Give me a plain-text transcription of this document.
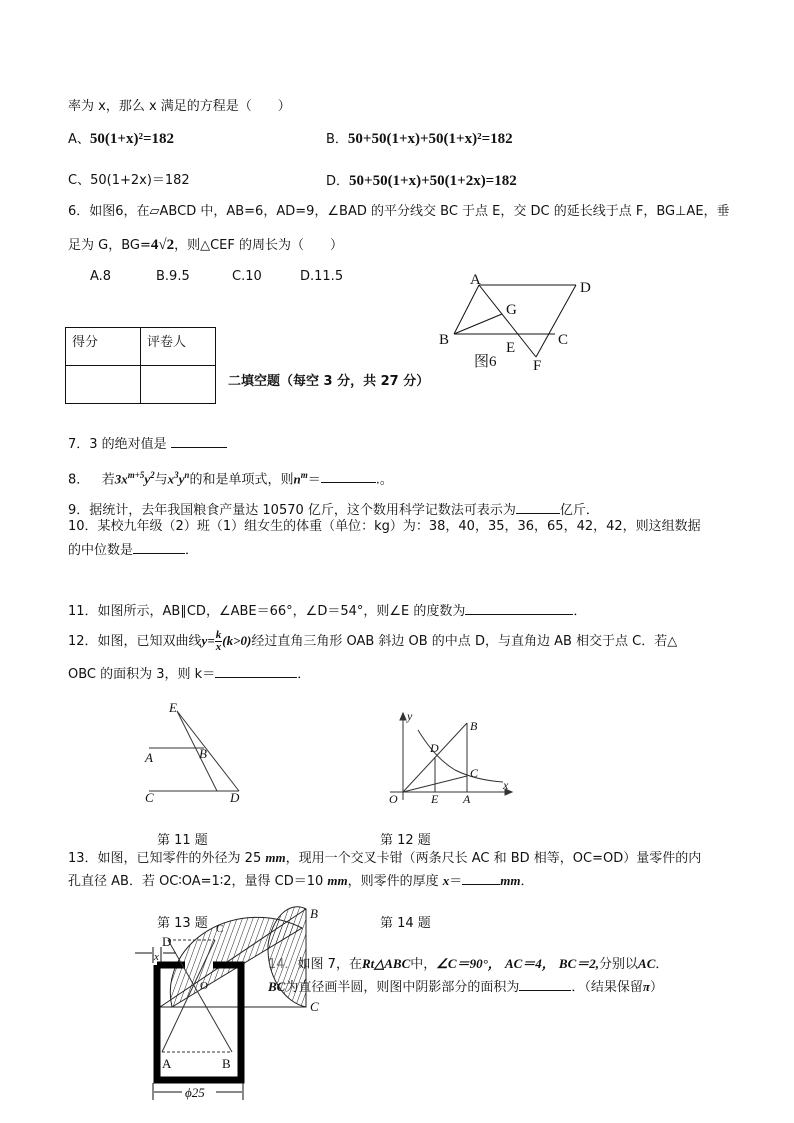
率为 x，那么 x 满足的方程是（　　）
A、50(1+x)²=182	B．50+50(1+x)+50(1+x)²=182
C、50(1+2x)＝182	D．50+50(1+x)+50(1+2x)=182
6．如图6，在▱ABCD 中，AB=6，AD=9，∠BAD 的平分线交 BC 于点 E，交 DC 的延长线于点 F，BG⊥AE，垂
足为 G，BG=4√2，则△CEF 的周长为（　　）
A.8	B.9.5	C.10	D.11.5	A	D
G
B	E	C
F
图6
得分	评卷人

二填空题（每空 3 分，共 27 分）
7．3 的绝对值是
8． 若$3x^{m+5}y^2$与$x^3y^n$的和是单项式，则$n^m=$	.。
9．据统计，去年我国粮食产量达 10570 亿斤，这个数用科学记数法可表示为	亿斤．
10．某校九年级（2）班（1）组女生的体重（单位：kg）为：38，40，35，36，65，42，42，则这组数据
的中位数是	．
11．如图所示，AB∥CD，∠ABE＝66°，∠D＝54°，则∠E 的度数为	．
12．如图，已知双曲线$y= \frac{k}{x} (k>0)$经过直角三角形 OAB 斜边 OB 的中点 D，与直角边 AB 相交于点 C．若△
OBC 的面积为 3，则 k＝	．
E
A	B
C	D
y
B
D
C
x
O	E A
第 11 题	第 12 题
13．如图，已知零件的外径为 25 mm，现用一个交叉卡钳（两条尺长 AC 和 BD 相等，OC=OD）量零件的内
孔直径 AB．若 OC∶OA=1∶2，量得 CD＝10 mm，则零件的厚度 x＝	mm．
第 13 题	第 14 题
B
C
D
x
C
O
A	B
ϕ25
14．如图 7，在Rt△ABC中，∠C＝90°， AC＝4， BC＝2,分别以AC．
BC为直径画半圆，则图中阴影部分的面积为	．（结果保留π）
